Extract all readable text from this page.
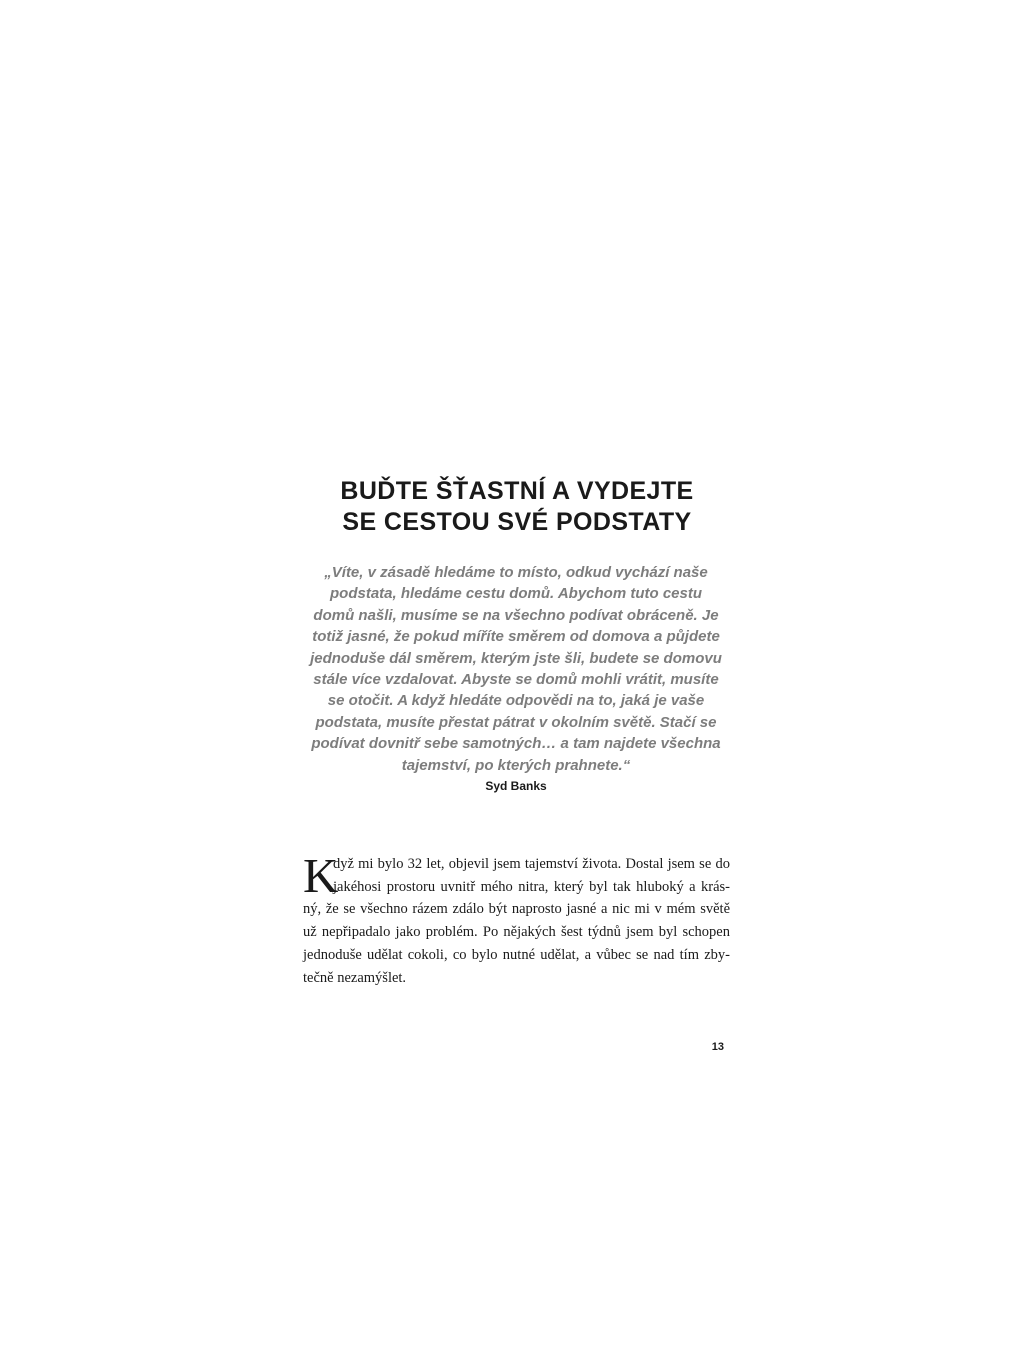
BUĎTE ŠŤASTNÍ A VYDEJTE
SE CESTOU SVÉ PODSTATY

„Víte, v zásadě hledáme to místo, odkud vychází naše
podstata, hledáme cestu domů. Abychom tuto cestu
domů našli, musíme se na všechno podívat obráceně. Je
totiž jasné, že pokud míříte směrem od domova a půjdete
jednoduše dál směrem, kterým jste šli, budete se domovu
stále více vzdalovat. Abyste se domů mohli vrátit, musíte
se otočit. A když hledáte odpovědi na to, jaká je vaše
podstata, musíte přestat pátrat v okolním světě. Stačí se
podívat dovnitř sebe samotných… a tam najdete všechna
tajemství, po kterých prahnete.“

Syd Banks

K
dyž mi bylo 32 let, objevil jsem tajemství života. Dostal jsem se do
jakéhosi prostoru uvnitř mého nitra, který byl tak hluboký a krás-
ný, že se všechno rázem zdálo být naprosto jasné a nic mi v mém světě
už nepřipadalo jako problém. Po nějakých šest týdnů jsem byl schopen
jednoduše udělat cokoli, co bylo nutné udělat, a vůbec se nad tím zby-
tečně nezamýšlet.
13
